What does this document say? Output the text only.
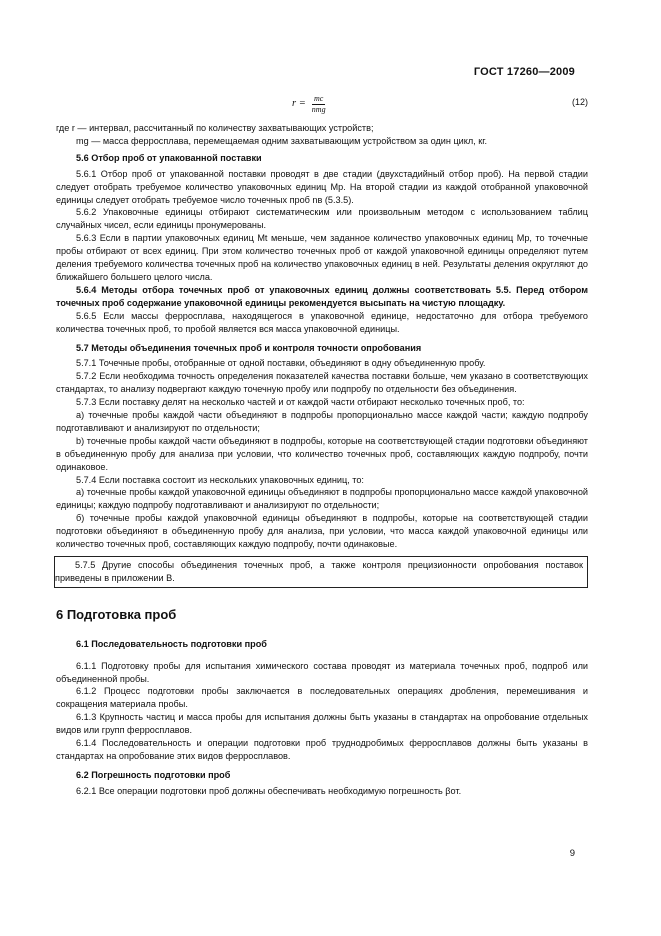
ГОСТ 17260—2009
$r = \frac{mc}{\text{nmg}}$	(12)
где r — интервал, рассчитанный по количеству захватывающих устройств;
mg — масса ферросплава, перемещаемая одним захватывающим устройством за один цикл, кг.
5.6 Отбор проб от упакованной поставки
5.6.1 Отбор проб от упакованной поставки проводят в две стадии (двухстадийный отбор проб). На первой стадии следует отобрать требуемое количество упаковочных единиц Mр. На второй стадии из каждой отобранной упаковочной единицы следует отобрать требуемое число точечных проб nв (5.3.5).
5.6.2 Упаковочные единицы отбирают систематическим или произвольным методом с использованием таблиц случайных чисел, если единицы пронумерованы.
5.6.3 Если в партии упаковочных единиц Мt меньше, чем заданное количество упаковочных единиц Мр, то точечные пробы отбирают от всех единиц. При этом количество точечных проб от каждой упаковочной единицы определяют путем деления требуемого количества точечных проб на количество упаковочных единиц в ней. Результаты деления округляют до ближайшего большего целого числа.
5.6.4 Методы отбора точечных проб от упаковочных единиц должны соответствовать 5.5. Перед отбором точечных проб содержание упаковочной единицы рекомендуется высыпать на чистую площадку.
5.6.5 Если массы ферросплава, находящегося в упаковочной единице, недостаточно для отбора требуемого количества точечных проб, то пробой является вся масса упаковочной единицы.
5.7 Методы объединения точечных проб и контроля точности опробования
5.7.1 Точечные пробы, отобранные от одной поставки, объединяют в одну объединенную пробу.
5.7.2 Если необходима точность определения показателей качества поставки больше, чем указано в соответствующих стандартах, то анализу подвергают каждую точечную пробу или подпробу по отдельности без объединения.
5.7.3 Если поставку делят на несколько частей и от каждой части отбирают несколько точечных проб, то:
а) точечные пробы каждой части объединяют в подпробы пропорционально массе каждой части; каждую подпробу подготавливают и анализируют по отдельности;
b) точечные пробы каждой части объединяют в подпробы, которые на соответствующей стадии подготовки объединяют в объединенную пробу для анализа при условии, что количество точечных проб, составляющих каждую подпробу, почти одинаковое.
5.7.4 Если поставка состоит из нескольких упаковочных единиц, то:
а) точечные пробы каждой упаковочной единицы объединяют в подпробы пропорционально массе каждой упаковочной единицы; каждую подпробу подготавливают и анализируют по отдельности;
б) точечные пробы каждой упаковочной единицы объединяют в подпробы, которые на соответствующей стадии подготовки объединяют в объединенную пробу для анализа, при условии, что масса каждой упаковочной единицы или количество точечных проб, составляющих каждую подпробу, почти одинаковые.
5.7.5 Другие способы объединения точечных проб, а также контроля прецизионности опробования поставок приведены в приложении В.
6 Подготовка проб
6.1 Последовательность подготовки проб
6.1.1 Подготовку пробы для испытания химического состава проводят из материала точечных проб, подпроб или объединенной пробы.
6.1.2 Процесс подготовки пробы заключается в последовательных операциях дробления, перемешивания и сокращения материала пробы.
6.1.3 Крупность частиц и масса пробы для испытания должны быть указаны в стандартах на опробование отдельных видов или групп ферросплавов.
6.1.4 Последовательность и операции подготовки проб труднодробимых ферросплавов должны быть указаны в стандартах на опробование этих видов ферросплавов.
6.2 Погрешность подготовки проб
6.2.1 Все операции подготовки проб должны обеспечивать необходимую погрешность βот.
9
